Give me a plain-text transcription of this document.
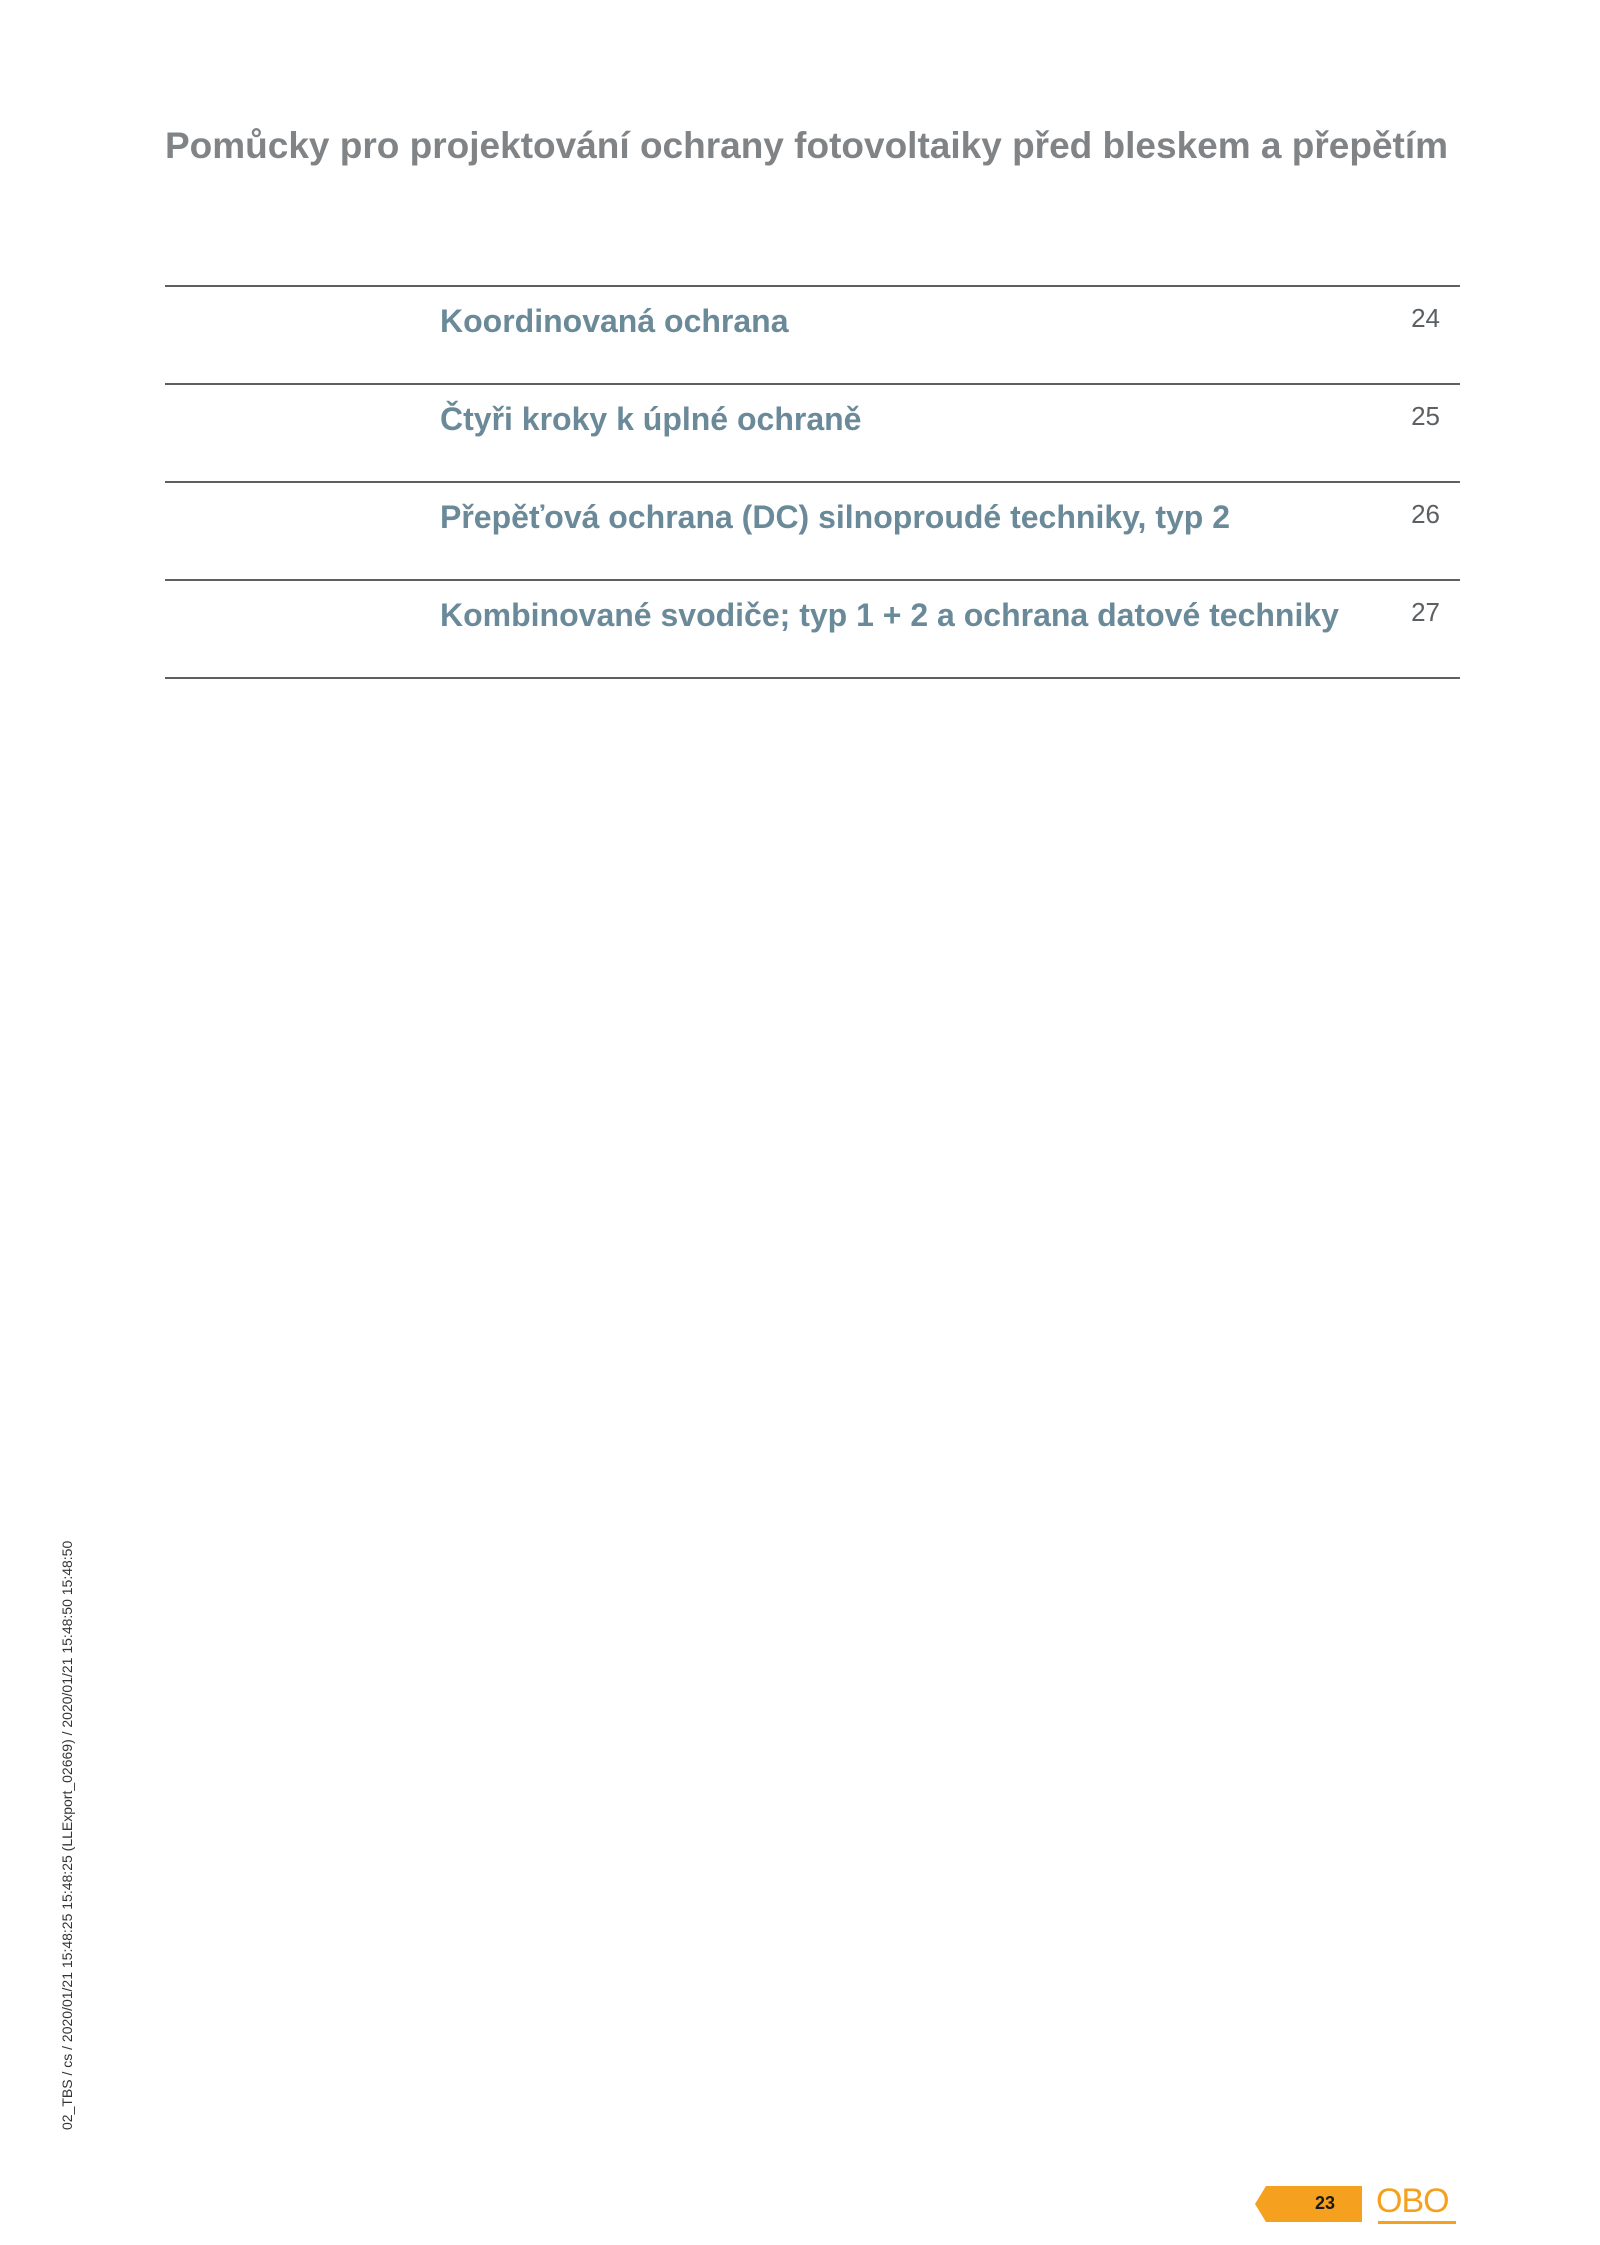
Pomůcky pro projektování ochrany fotovoltaiky před bleskem a přepětím
Koordinovaná ochrana	24
Čtyři kroky k úplné ochraně	25
Přepěťová ochrana (DC) silnoproudé techniky, typ 2	26
Kombinované svodiče; typ 1 + 2 a ochrana datové techniky	27
02_TBS / cs / 2020/01/21 15:48:25 15:48:25 (LLExport_02669) / 2020/01/21 15:48:50 15:48:50
23 OBO
